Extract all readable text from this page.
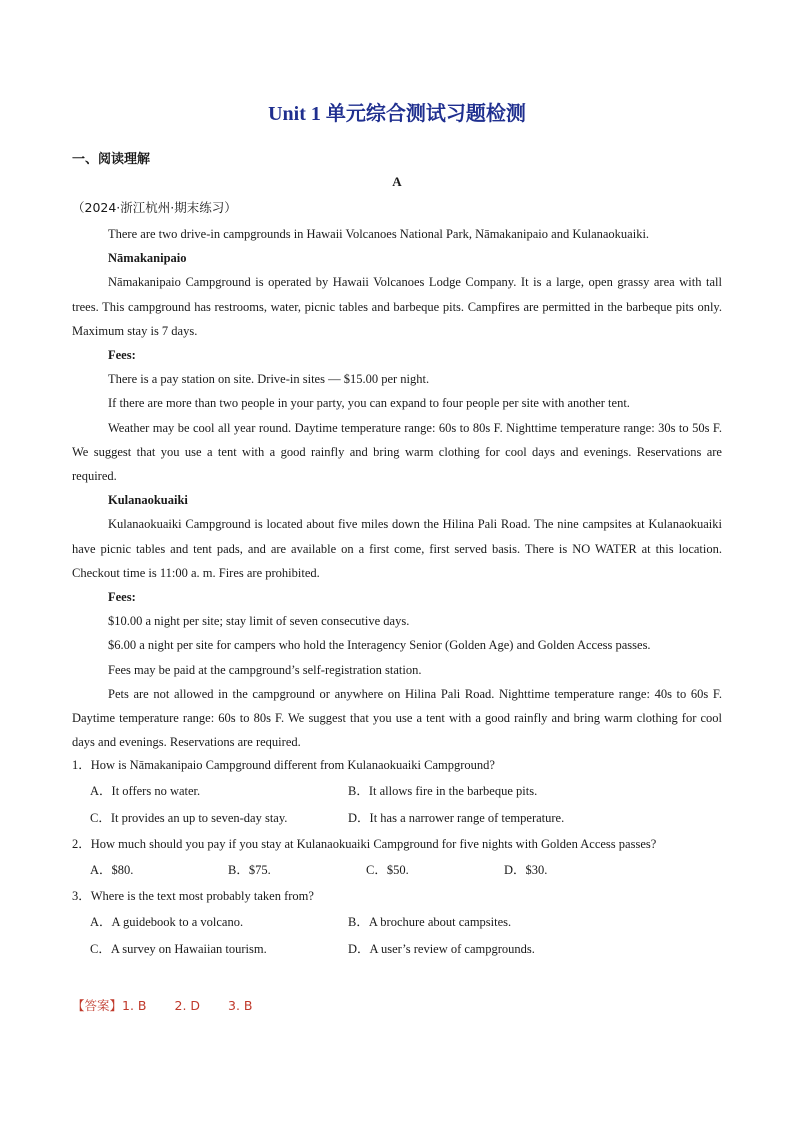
Unit 1 单元综合测试习题检测
一、阅读理解
A
（2024·浙江杭州·期末练习）

There are two drive-in campgrounds in Hawaii Volcanoes National Park, Nāmakanipaio and Kulanaokuaiki.

Nāmakanipaio

Nāmakanipaio Campground is operated by Hawaii Volcanoes Lodge Company. It is a large, open grassy area with tall trees. This campground has restrooms, water, picnic tables and barbeque pits. Campfires are permitted in the barbeque pits only. Maximum stay is 7 days.

Fees:

There is a pay station on site. Drive-in sites — $15.00 per night.

If there are more than two people in your party, you can expand to four people per site with another tent.

Weather may be cool all year round. Daytime temperature range: 60s to 80s F. Nighttime temperature range: 30s to 50s F. We suggest that you use a tent with a good rainfly and bring warm clothing for cool days and evenings. Reservations are required.

Kulanaokuaiki

Kulanaokuaiki Campground is located about five miles down the Hilina Pali Road. The nine campsites at Kulanaokuaiki have picnic tables and tent pads, and are available on a first come, first served basis. There is NO WATER at this location. Checkout time is 11:00 a. m. Fires are prohibited.

Fees:

$10.00 a night per site; stay limit of seven consecutive days.

$6.00 a night per site for campers who hold the Interagency Senior (Golden Age) and Golden Access passes.

Fees may be paid at the campground’s self-registration station.

Pets are not allowed in the campground or anywhere on Hilina Pali Road. Nighttime temperature range: 40s to 60s F. Daytime temperature range: 60s to 80s F. We suggest that you use a tent with a good rainfly and bring warm clothing for cool days and evenings. Reservations are required.

1．How is Nāmakanipaio Campground different from Kulanaokuaiki Campground?
A．It offers no water.	B．It allows fire in the barbeque pits.
C．It provides an up to seven-day stay.	D．It has a narrower range of temperature.
2．How much should you pay if you stay at Kulanaokuaiki Campground for five nights with Golden Access passes?
A．$80.	B．$75.	C．$50.	D．$30.
3．Where is the text most probably taken from?
A．A guidebook to a volcano.	B．A brochure about campsites.
C．A survey on Hawaiian tourism.	D．A user’s review of campgrounds.
【答案】1. B 2. D 3. B
